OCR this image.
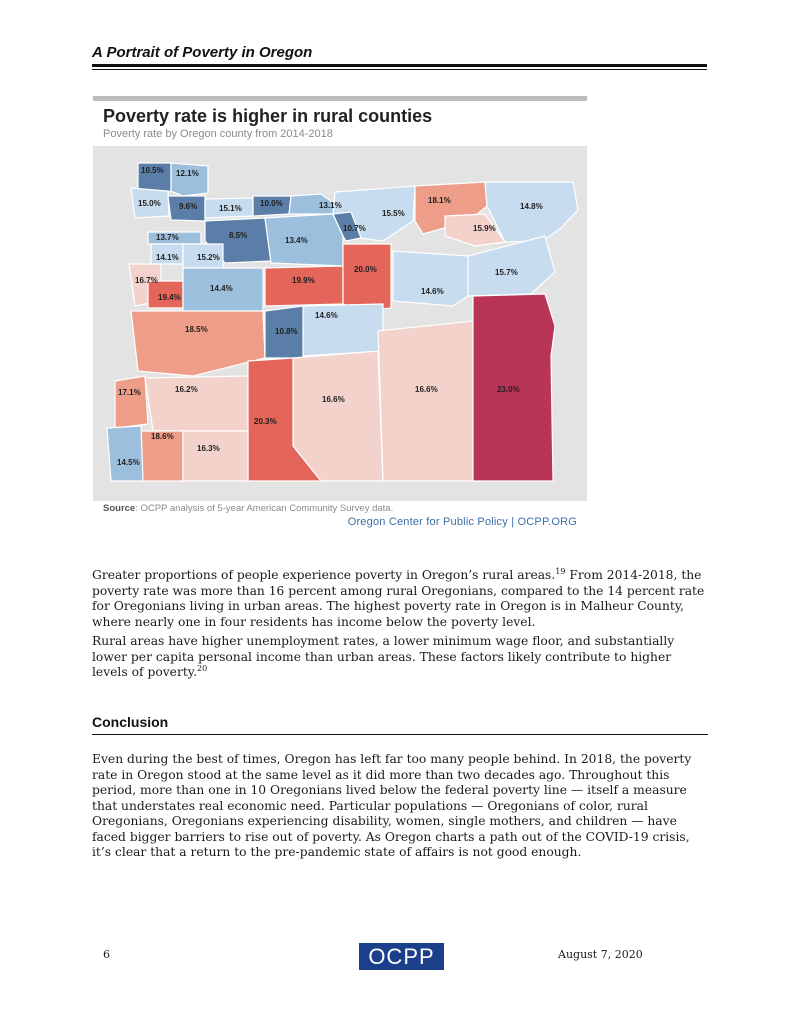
A Portrait of Poverty in Oregon
Poverty rate is higher in rural counties
Poverty rate by Oregon county from 2014-2018
10.5% 12.1%
15.0% 9.6%	15.1%
10.0%	13.1%
15.5%
18.1%
14.8%
13.7%	8.5%
13.4%
10.7%	15.9%
14.1% 15.2%
16.7%	19.9%
20.0%	15.7%
19.4%
14.4%	14.6%
14.6%
18.5%	10.8%
17.1%	16.2%
16.6%
16.6%	23.0%
20.3%
18.6%
16.3%
14.5%
Source: OCPP analysis of 5-year American Community Survey data.
Oregon Center for Public Policy | OCPP.ORG

Greater proportions of people experience poverty in Oregon’s rural areas.$^{19}$ From 2014-2018, the poverty rate was more than 16 percent among rural Oregonians, compared to the 14 percent rate for Oregonians living in urban areas. The highest poverty rate in Oregon is in Malheur County, where nearly one in four residents has income below the poverty level.

Rural areas have higher unemployment rates, a lower minimum wage floor, and substantially lower per capita personal income than urban areas. These factors likely contribute to higher levels of poverty.$^{20}$

Conclusion

Even during the best of times, Oregon has left far too many people behind. In 2018, the poverty rate in Oregon stood at the same level as it did more than two decades ago. Throughout this period, more than one in 10 Oregonians lived below the federal poverty line — itself a measure that understates real economic need. Particular populations — Oregonians of color, rural Oregonians, Oregonians experiencing disability, women, single mothers, and children — have faced bigger barriers to rise out of poverty. As Oregon charts a path out of the COVID-19 crisis, it’s clear that a return to the pre-pandemic state of affairs is not good enough.

6	OCPP	August 7, 2020
